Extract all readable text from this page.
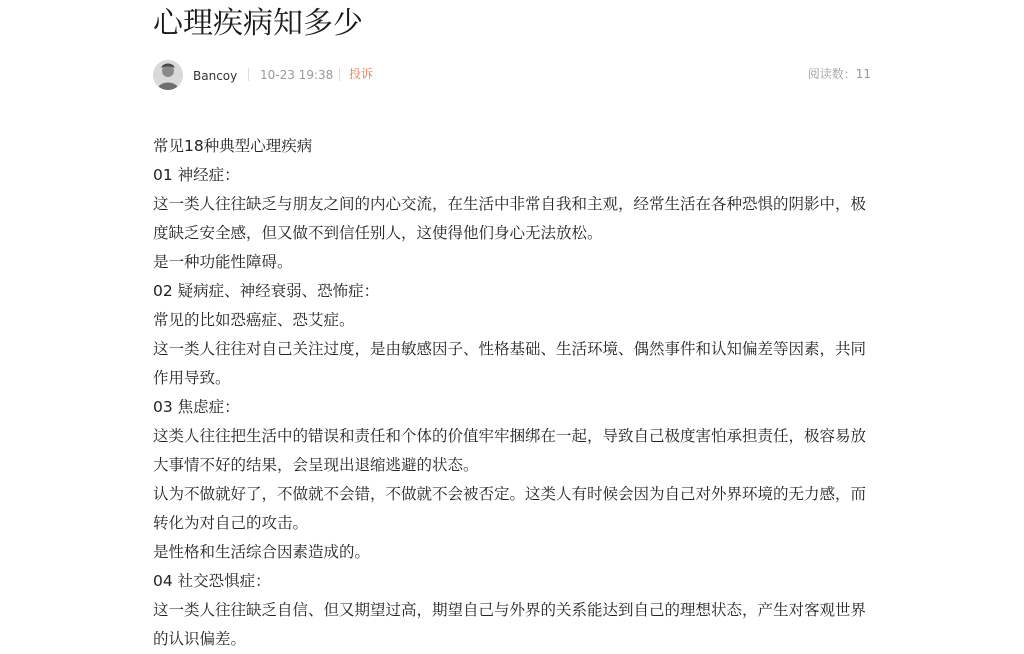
心理疾病知多少
Bancoy 10-23 19:38 投诉	阅读数：11

常见18种典型心理疾病

01 神经症：

这一类人往往缺乏与朋友之间的内心交流，在生活中非常自我和主观，经常生活在各种恐惧的阴影中，极度缺乏安全感，但又做不到信任别人，这使得他们身心无法放松。

是一种功能性障碍。

02 疑病症、神经衰弱、恐怖症：

常见的比如恐癌症、恐艾症。

这一类人往往对自己关注过度，是由敏感因子、性格基础、生活环境、偶然事件和认知偏差等因素，共同作用导致。

03 焦虑症：

这类人往往把生活中的错误和责任和个体的价值牢牢捆绑在一起，导致自己极度害怕承担责任，极容易放大事情不好的结果，会呈现出退缩逃避的状态。

认为不做就好了，不做就不会错，不做就不会被否定。这类人有时候会因为自己对外界环境的无力感，而转化为对自己的攻击。

是性格和生活综合因素造成的。

04 社交恐惧症：

这一类人往往缺乏自信、但又期望过高，期望自己与外界的关系能达到自己的理想状态，产生对客观世界的认识偏差。
